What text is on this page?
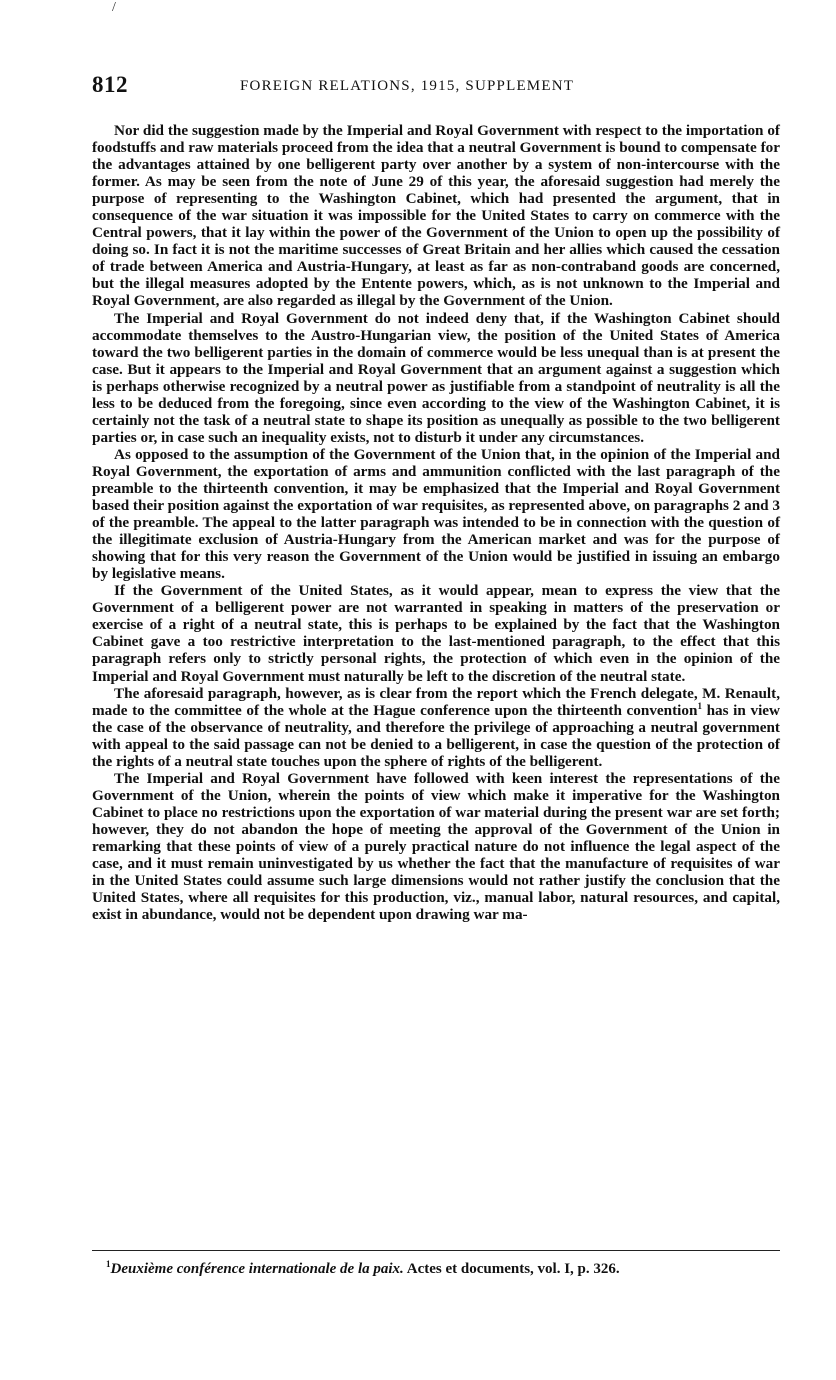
/
812	FOREIGN RELATIONS, 1915, SUPPLEMENT

Nor did the suggestion made by the Imperial and Royal Government with respect to the importation of foodstuffs and raw materials proceed from the idea that a neutral Government is bound to compensate for the advantages attained by one belligerent party over another by a system of non-intercourse with the former. As may be seen from the note of June 29 of this year, the aforesaid suggestion had merely the purpose of representing to the Washington Cabinet, which had presented the argument, that in consequence of the war situation it was impossible for the United States to carry on commerce with the Central powers, that it lay within the power of the Government of the Union to open up the possibility of doing so. In fact it is not the maritime successes of Great Britain and her allies which caused the cessation of trade between America and Austria-Hungary, at least as far as non-contraband goods are concerned, but the illegal measures adopted by the Entente powers, which, as is not unknown to the Imperial and Royal Government, are also regarded as illegal by the Government of the Union.

The Imperial and Royal Government do not indeed deny that, if the Washington Cabinet should accommodate themselves to the Austro-Hungarian view, the position of the United States of America toward the two belligerent parties in the domain of commerce would be less unequal than is at present the case. But it appears to the Imperial and Royal Government that an argument against a suggestion which is perhaps otherwise recognized by a neutral power as justifiable from a standpoint of neutrality is all the less to be deduced from the foregoing, since even according to the view of the Washington Cabinet, it is certainly not the task of a neutral state to shape its position as unequally as possible to the two belligerent parties or, in case such an inequality exists, not to disturb it under any circumstances.

As opposed to the assumption of the Government of the Union that, in the opinion of the Imperial and Royal Government, the exportation of arms and ammunition conflicted with the last paragraph of the preamble to the thirteenth convention, it may be emphasized that the Imperial and Royal Government based their position against the exportation of war requisites, as represented above, on paragraphs 2 and 3 of the preamble. The appeal to the latter paragraph was intended to be in connection with the question of the illegitimate exclusion of Austria-Hungary from the American market and was for the purpose of showing that for this very reason the Government of the Union would be justified in issuing an embargo by legislative means.

If the Government of the United States, as it would appear, mean to express the view that the Government of a belligerent power are not warranted in speaking in matters of the preservation or exercise of a right of a neutral state, this is perhaps to be explained by the fact that the Washington Cabinet gave a too restrictive interpretation to the last-mentioned paragraph, to the effect that this paragraph refers only to strictly personal rights, the protection of which even in the opinion of the Imperial and Royal Government must naturally be left to the discretion of the neutral state.

The aforesaid paragraph, however, as is clear from the report which the French delegate, M. Renault, made to the committee of the whole at the Hague conference upon the thirteenth convention$^1$ has in view the case of the observance of neutrality, and therefore the privilege of approaching a neutral government with appeal to the said passage can not be denied to a belligerent, in case the question of the protection of the rights of a neutral state touches upon the sphere of rights of the belligerent.

The Imperial and Royal Government have followed with keen interest the representations of the Government of the Union, wherein the points of view which make it imperative for the Washington Cabinet to place no restrictions upon the exportation of war material during the present war are set forth; however, they do not abandon the hope of meeting the approval of the Government of the Union in remarking that these points of view of a purely practical nature do not influence the legal aspect of the case, and it must remain uninvestigated by us whether the fact that the manufacture of requisites of war in the United States could assume such large dimensions would not rather justify the conclusion that the United States, where all requisites for this production, viz., manual labor, natural resources, and capital, exist in abundance, would not be dependent upon drawing war ma-

$^1$Deuxième conférence internationale de la paix. Actes et documents, vol. I, p. 326.
